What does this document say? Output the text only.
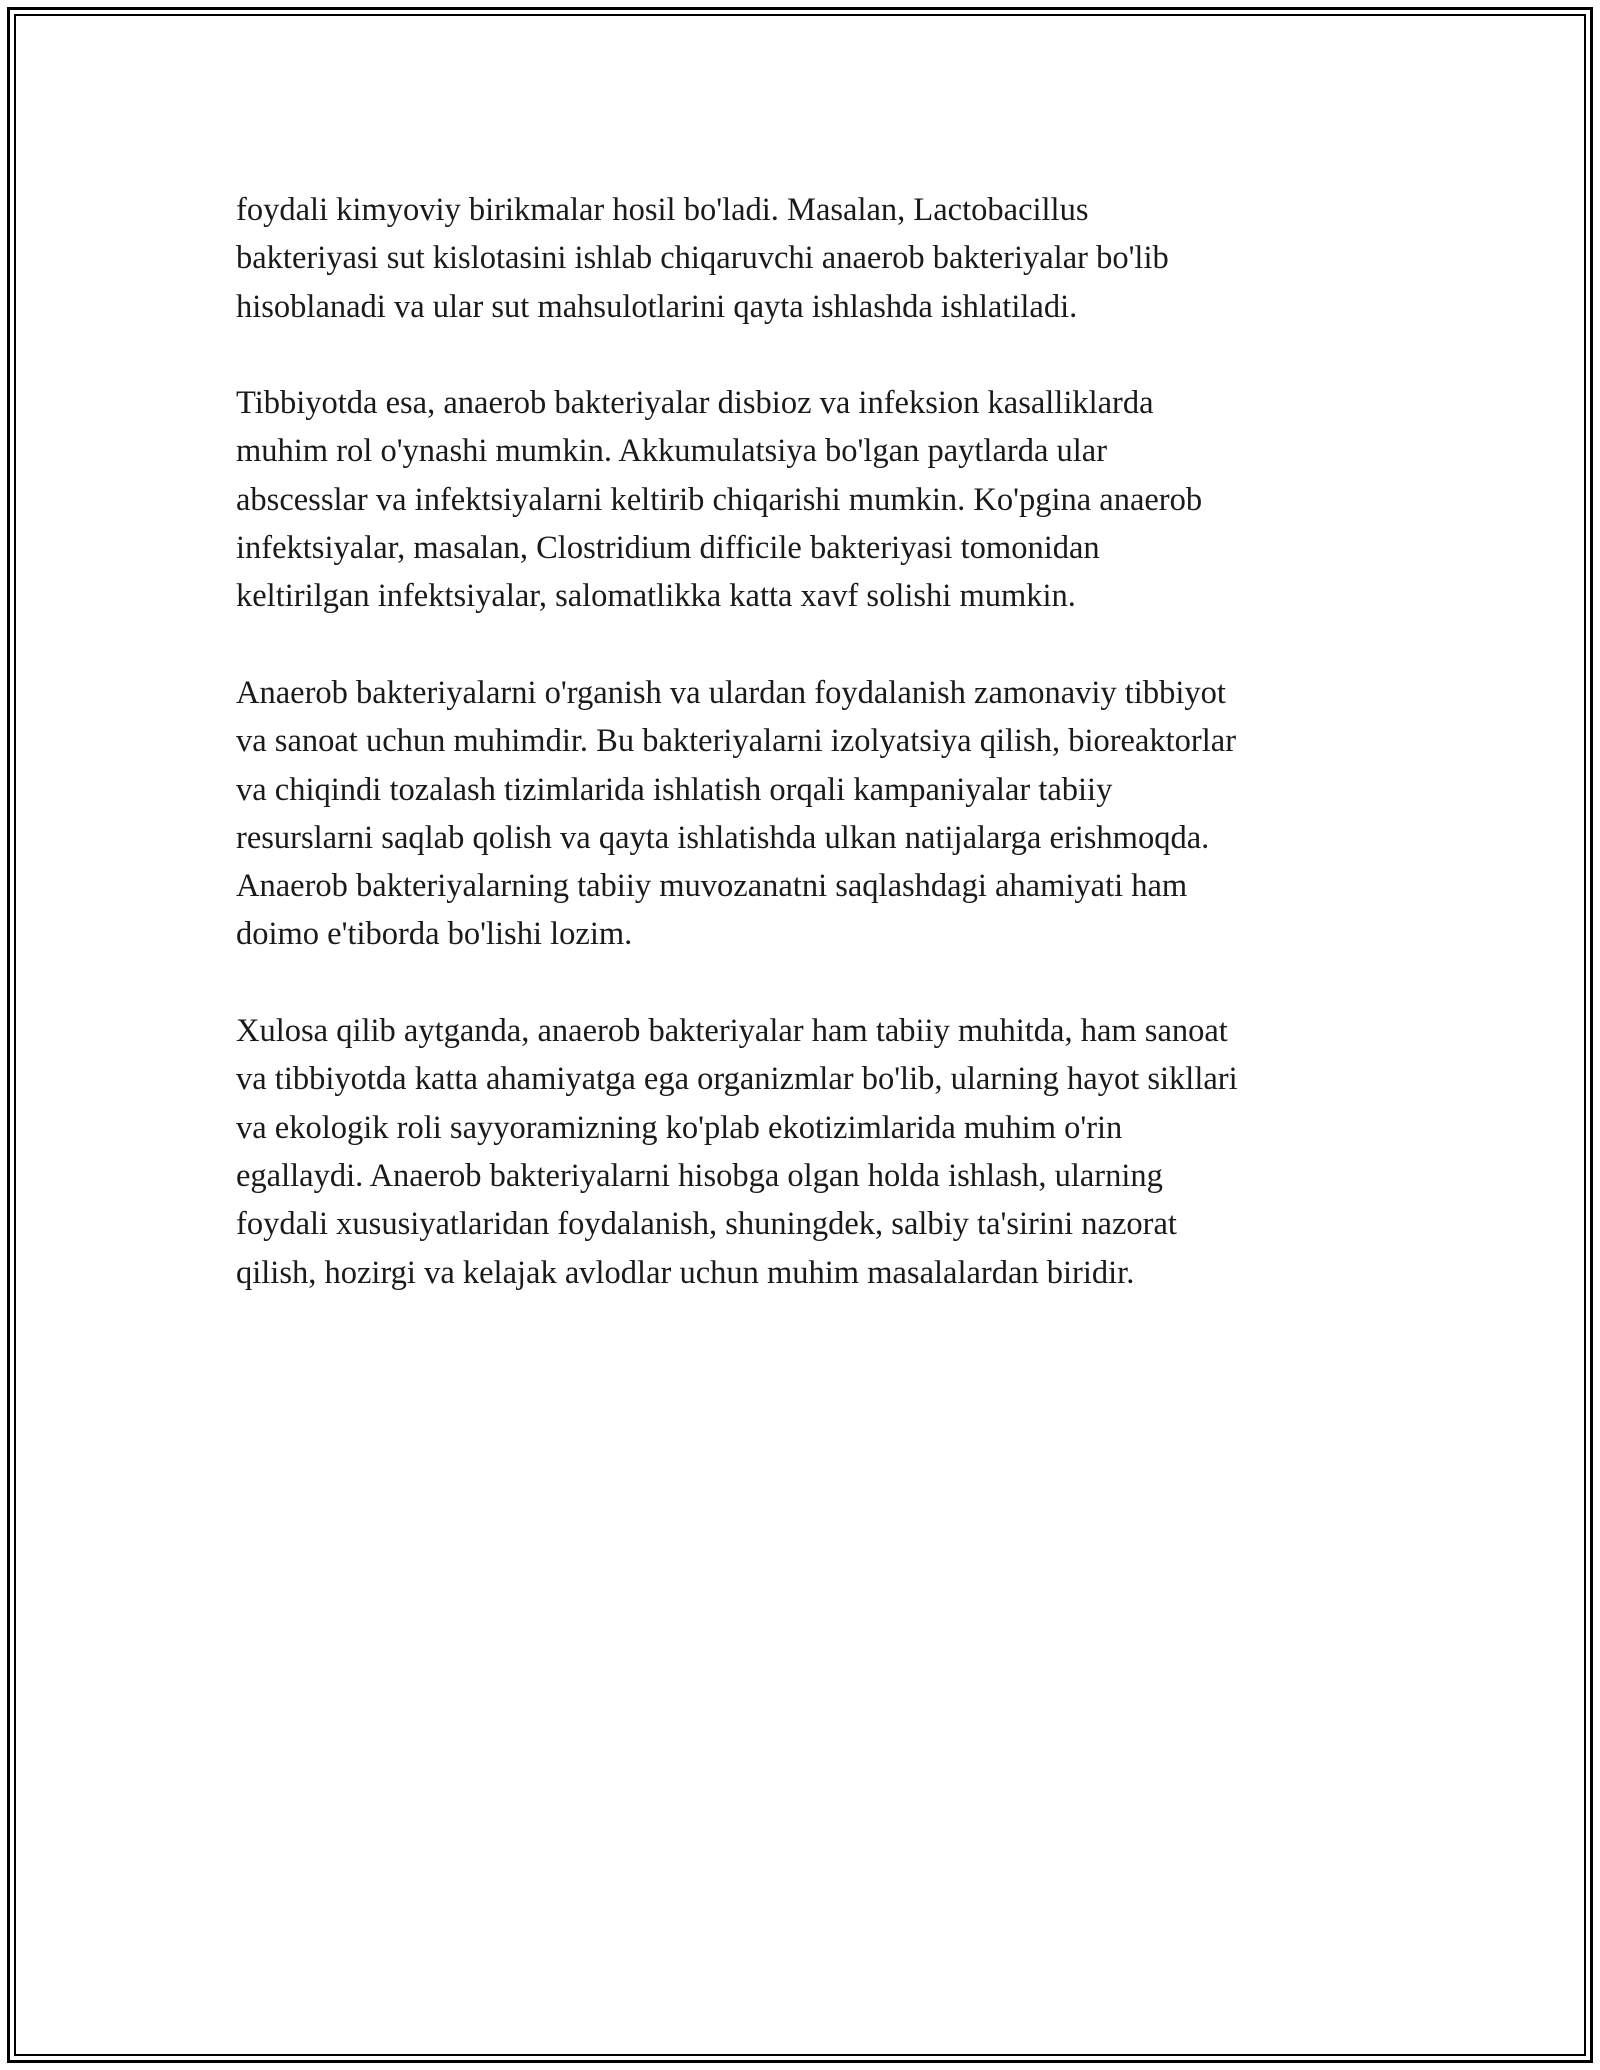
foydali kimyoviy birikmalar hosil bo'ladi. Masalan, Lactobacillus
bakteriyasi sut kislotasini ishlab chiqaruvchi anaerob bakteriyalar bo'lib
hisoblanadi va ular sut mahsulotlarini qayta ishlashda ishlatiladi.

Tibbiyotda esa, anaerob bakteriyalar disbioz va infeksion kasalliklarda
muhim rol o'ynashi mumkin. Akkumulatsiya bo'lgan paytlarda ular
abscesslar va infektsiyalarni keltirib chiqarishi mumkin. Ko'pgina anaerob
infektsiyalar, masalan, Clostridium difficile bakteriyasi tomonidan
keltirilgan infektsiyalar, salomatlikka katta xavf solishi mumkin.

Anaerob bakteriyalarni o'rganish va ulardan foydalanish zamonaviy tibbiyot
va sanoat uchun muhimdir. Bu bakteriyalarni izolyatsiya qilish, bioreaktorlar
va chiqindi tozalash tizimlarida ishlatish orqali kampaniyalar tabiiy
resurslarni saqlab qolish va qayta ishlatishda ulkan natijalarga erishmoqda.
Anaerob bakteriyalarning tabiiy muvozanatni saqlashdagi ahamiyati ham
doimo e'tiborda bo'lishi lozim.

Xulosa qilib aytganda, anaerob bakteriyalar ham tabiiy muhitda, ham sanoat
va tibbiyotda katta ahamiyatga ega organizmlar bo'lib, ularning hayot sikllari
va ekologik roli sayyoramizning ko'plab ekotizimlarida muhim o'rin
egallaydi. Anaerob bakteriyalarni hisobga olgan holda ishlash, ularning
foydali xususiyatlaridan foydalanish, shuningdek, salbiy ta'sirini nazorat
qilish, hozirgi va kelajak avlodlar uchun muhim masalalardan biridir.
